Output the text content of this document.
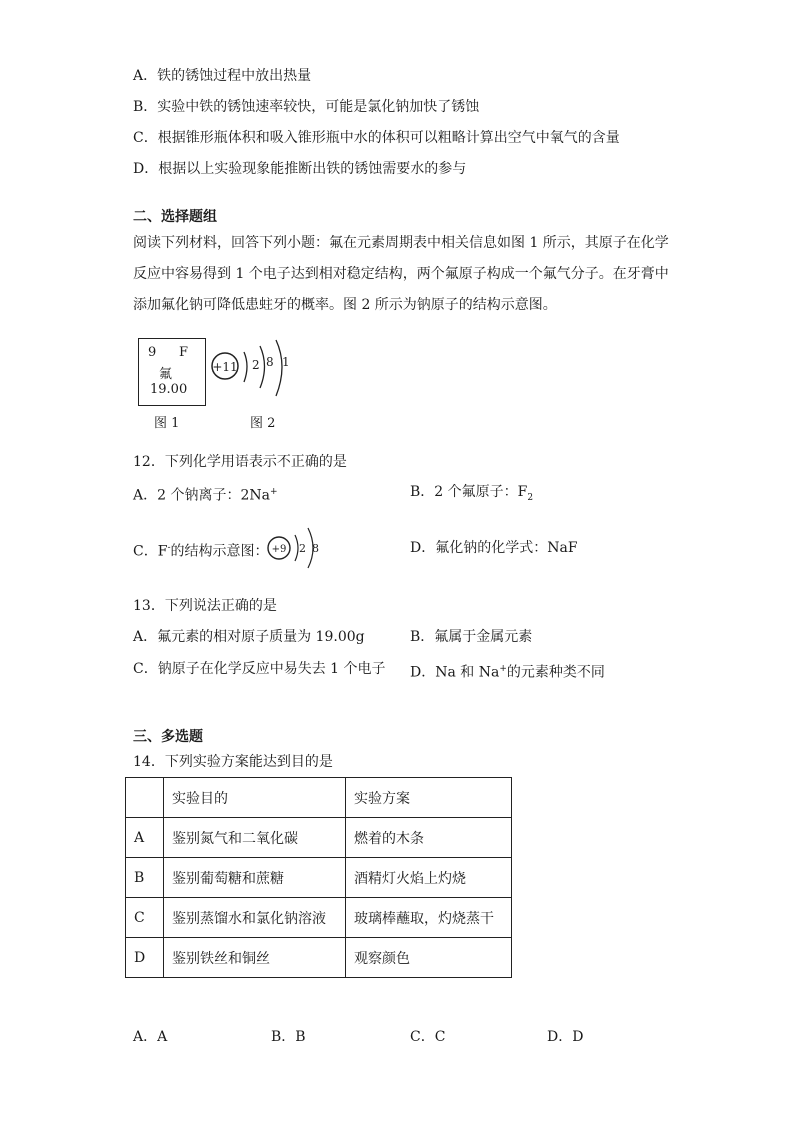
A．铁的锈蚀过程中放出热量
B．实验中铁的锈蚀速率较快，可能是氯化钠加快了锈蚀
C．根据锥形瓶体积和吸入锥形瓶中水的体积可以粗略计算出空气中氧气的含量
D．根据以上实验现象能推断出铁的锈蚀需要水的参与
二、选择题组
阅读下列材料，回答下列小题：氟在元素周期表中相关信息如图 1 所示，其原子在化学
反应中容易得到 1 个电子达到相对稳定结构，两个氟原子构成一个氟气分子。在牙膏中
添加氟化钠可降低患蛀牙的概率。图 2 所示为钠原子的结构示意图。
9 F
氟
19.00
图 1
+11 2 8 1
图 2
12．下列化学用语表示不正确的是
A．2 个钠离子：2Na+	B．2 个氟原子：$F_2$
C．F-的结构示意图： +9 2 8	D．氟化钠的化学式：NaF
13．下列说法正确的是
A．氟元素的相对原子质量为 19.00g	B．氟属于金属元素
C．钠原子在化学反应中易失去 1 个电子 D．Na 和 Na+的元素种类不同
三、多选题
14．下列实验方案能达到目的是
	实验目的	实验方案
A	鉴别氮气和二氧化碳	燃着的木条
B	鉴别葡萄糖和蔗糖	酒精灯火焰上灼烧
C	鉴别蒸馏水和氯化钠溶液	玻璃棒蘸取，灼烧蒸干
D	鉴别铁丝和铜丝	观察颜色
A．A	B．B	C．C	D．D
